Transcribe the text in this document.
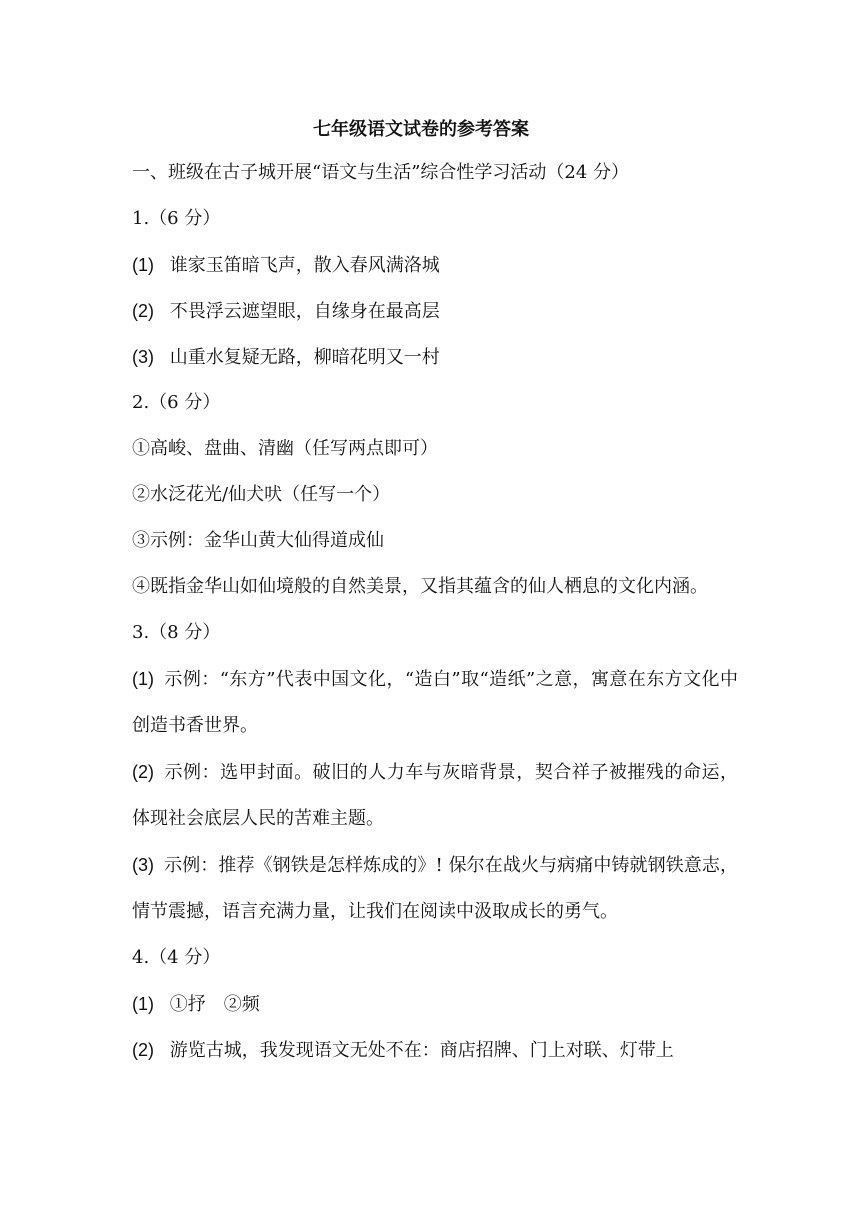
七年级语文试卷的参考答案
一、班级在古子城开展“语文与生活”综合性学习活动（24 分）
1.（6 分）
(1) 谁家玉笛暗飞声，散入春风满洛城
(2) 不畏浮云遮望眼，自缘身在最高层
(3) 山重水复疑无路，柳暗花明又一村
2.（6 分）
①高峻、盘曲、清幽（任写两点即可）
②水泛花光/仙犬吠（任写一个）
③示例：金华山黄大仙得道成仙
④既指金华山如仙境般的自然美景，又指其蕴含的仙人栖息的文化内涵。
3.（8 分）
(1) 示例：“东方”代表中国文化，“造白”取“造纸”之意，寓意在东方文化中创造书香世界。
(2) 示例：选甲封面。破旧的人力车与灰暗背景，契合祥子被摧残的命运，体现社会底层人民的苦难主题。
(3) 示例：推荐《钢铁是怎样炼成的》! 保尔在战火与病痛中铸就钢铁意志，情节震撼，语言充满力量，让我们在阅读中汲取成长的勇气。
4.（4 分）
(1) ①抒 ②频
(2) 游览古城，我发现语文无处不在：商店招牌、门上对联、灯带上
